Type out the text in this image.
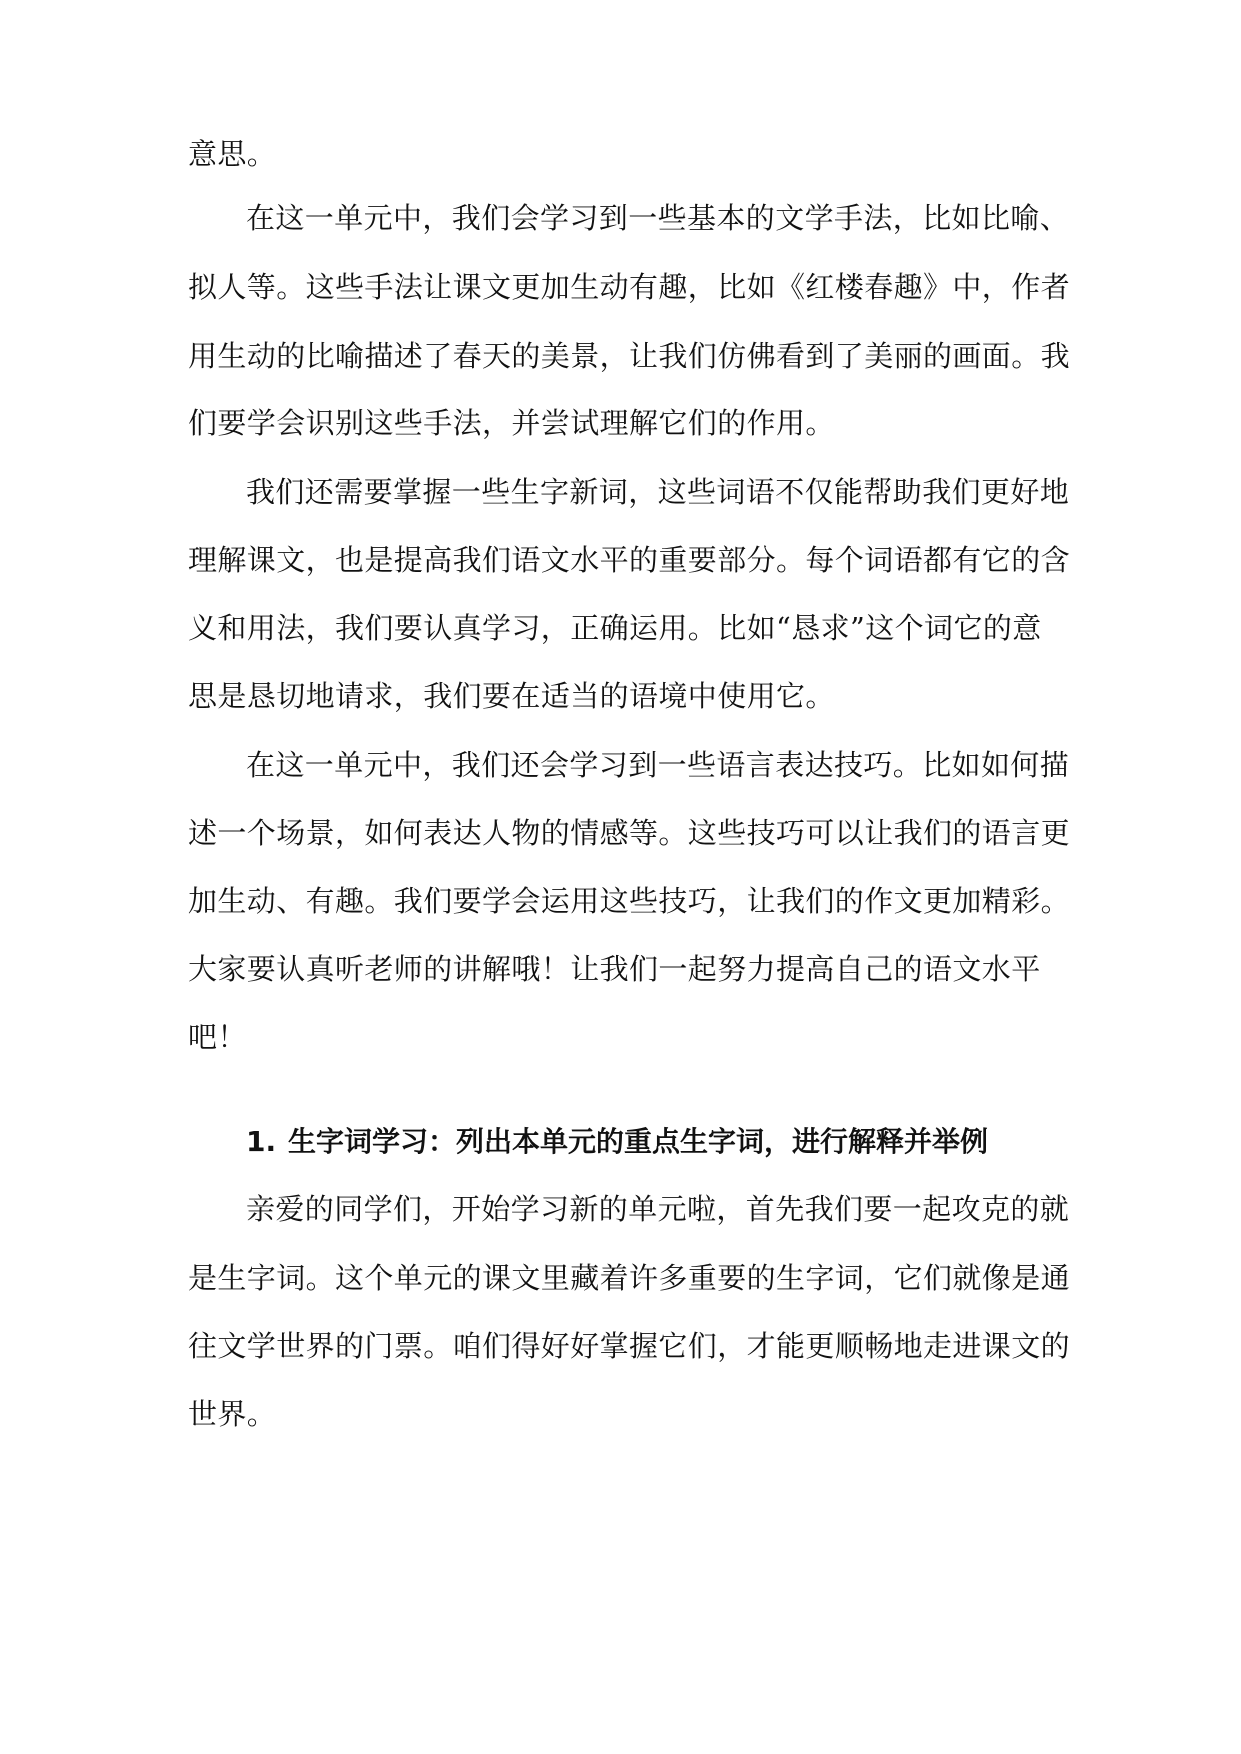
意思。
在这一单元中，我们会学习到一些基本的文学手法，比如比喻、
拟人等。这些手法让课文更加生动有趣，比如《红楼春趣》中，作者
用生动的比喻描述了春天的美景，让我们仿佛看到了美丽的画面。我
们要学会识别这些手法，并尝试理解它们的作用。
我们还需要掌握一些生字新词，这些词语不仅能帮助我们更好地
理解课文，也是提高我们语文水平的重要部分。每个词语都有它的含
义和用法，我们要认真学习，正确运用。比如“恳求”这个词它的意
思是恳切地请求，我们要在适当的语境中使用它。
在这一单元中，我们还会学习到一些语言表达技巧。比如如何描
述一个场景，如何表达人物的情感等。这些技巧可以让我们的语言更
加生动、有趣。我们要学会运用这些技巧，让我们的作文更加精彩。
大家要认真听老师的讲解哦！让我们一起努力提高自己的语文水平
吧！
1. 生字词学习：列出本单元的重点生字词，进行解释并举例
亲爱的同学们，开始学习新的单元啦，首先我们要一起攻克的就
是生字词。这个单元的课文里藏着许多重要的生字词，它们就像是通
往文学世界的门票。咱们得好好掌握它们，才能更顺畅地走进课文的
世界。
